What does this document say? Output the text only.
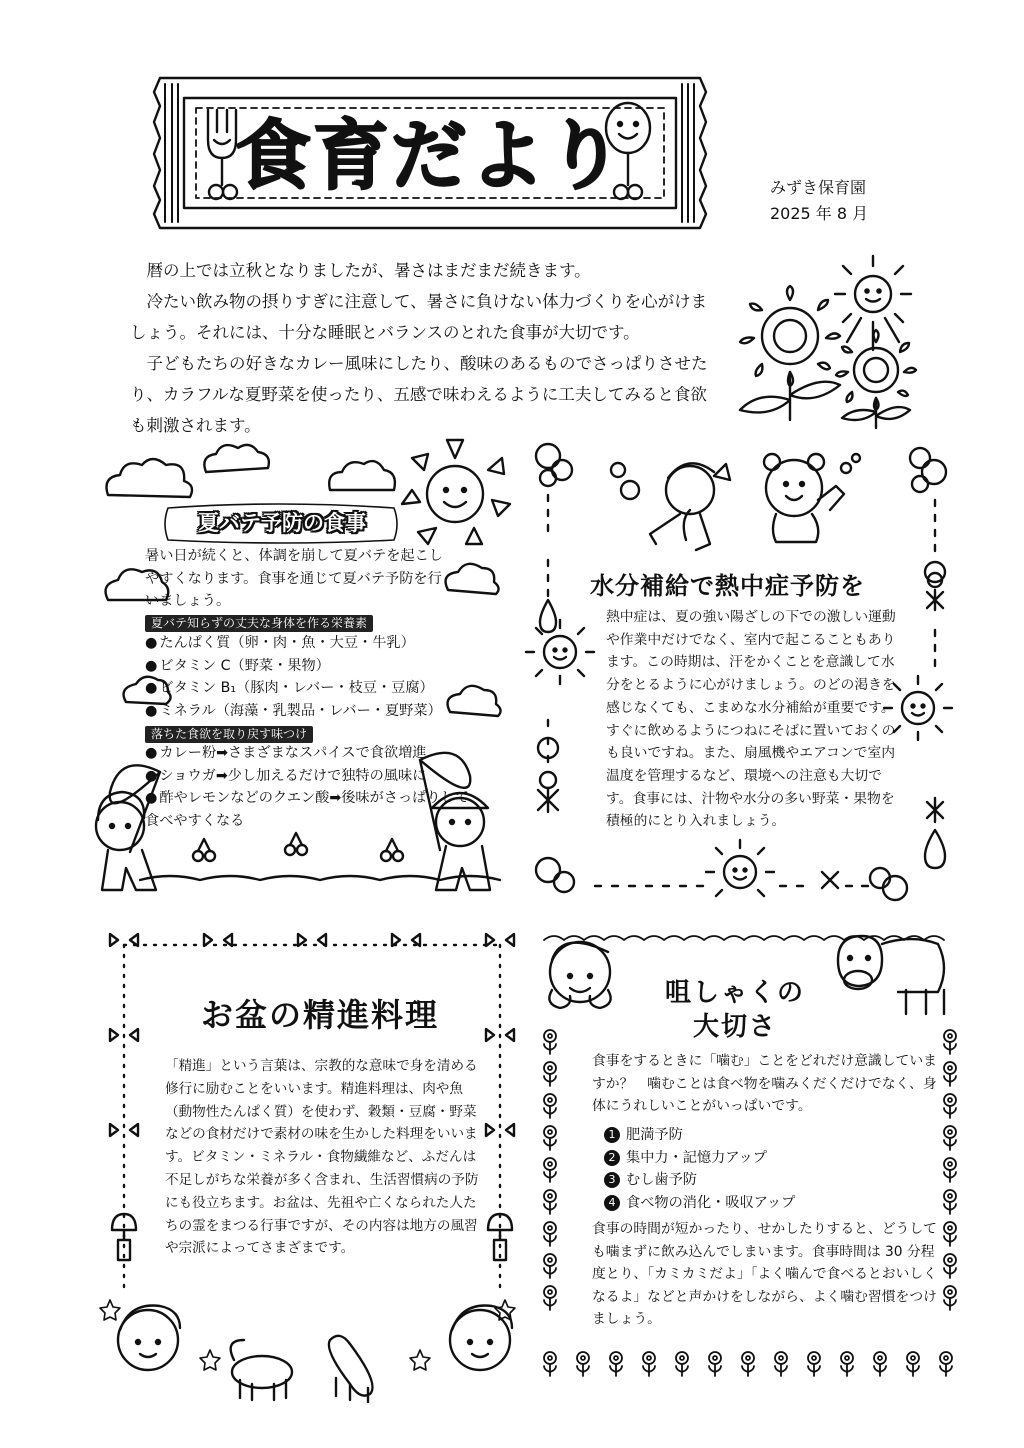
食育だより	みずき保育園
2025 年 8 月

暦の上では立秋となりましたが、暑さはまだまだ続きます。

冷たい飲み物の摂りすぎに注意して、暑さに負けない体力づくりを心がけましょう。それには、十分な睡眠とバランスのとれた食事が大切です。

子どもたちの好きなカレー風味にしたり、酸味のあるものでさっぱりさせたり、カラフルな夏野菜を使ったり、五感で味わえるように工夫してみると食欲も刺激されます。

夏バテ予防の食事
暑い日が続くと、体調を崩して夏バテを起こしやすくなります。食事を通じて夏バテ予防を行いましょう。
夏バテ知らずの丈夫な身体を作る栄養素
● たんぱく質（卵・肉・魚・大豆・牛乳）
● ビタミン C（野菜・果物）
● ビタミン B₁（豚肉・レバー・枝豆・豆腐）
● ミネラル（海藻・乳製品・レバー・夏野菜）
落ちた食欲を取り戻す味つけ
● カレー粉➡さまざまなスパイスで食欲増進
● ショウガ➡少し加えるだけで独特の風味に
● 酢やレモンなどのクエン酸➡後味がさっぱりして食べやすくなる
水分補給で熱中症予防を
熱中症は、夏の強い陽ざしの下での激しい運動や作業中だけでなく、室内で起こることもあります。この時期は、汗をかくことを意識して水分をとるように心がけましょう。のどの渇きを感じなくても、こまめな水分補給が重要です。すぐに飲めるようにつねにそばに置いておくのも良いですね。また、扇風機やエアコンで室内温度を管理するなど、環境への注意も大切です。食事には、汁物や水分の多い野菜・果物を積極的にとり入れましょう。
お盆の精進料理
「精進」という言葉は、宗教的な意味で身を清める修行に励むことをいいます。精進料理は、肉や魚（動物性たんぱく質）を使わず、穀類・豆腐・野菜などの食材だけで素材の味を生かした料理をいいます。ビタミン・ミネラル・食物繊維など、ふだんは不足しがちな栄養が多く含まれ、生活習慣病の予防にも役立ちます。お盆は、先祖や亡くなられた人たちの霊をまつる行事ですが、その内容は地方の風習や宗派によってさまざまです。
咀しゃくの
大切さ
食事をするときに「噛む」ことをどれだけ意識していますか？　噛むことは食べ物を噛みくだくだけでなく、身体にうれしいことがいっぱいです。
1 肥満予防
2 集中力・記憶力アップ
3 むし歯予防
4 食べ物の消化・吸収アップ
食事の時間が短かったり、せかしたりすると、どうしても噛まずに飲み込んでしまいます。食事時間は 30 分程度とり、「カミカミだよ」「よく噛んで食べるとおいしくなるよ」などと声かけをしながら、よく噛む習慣をつけましょう。
